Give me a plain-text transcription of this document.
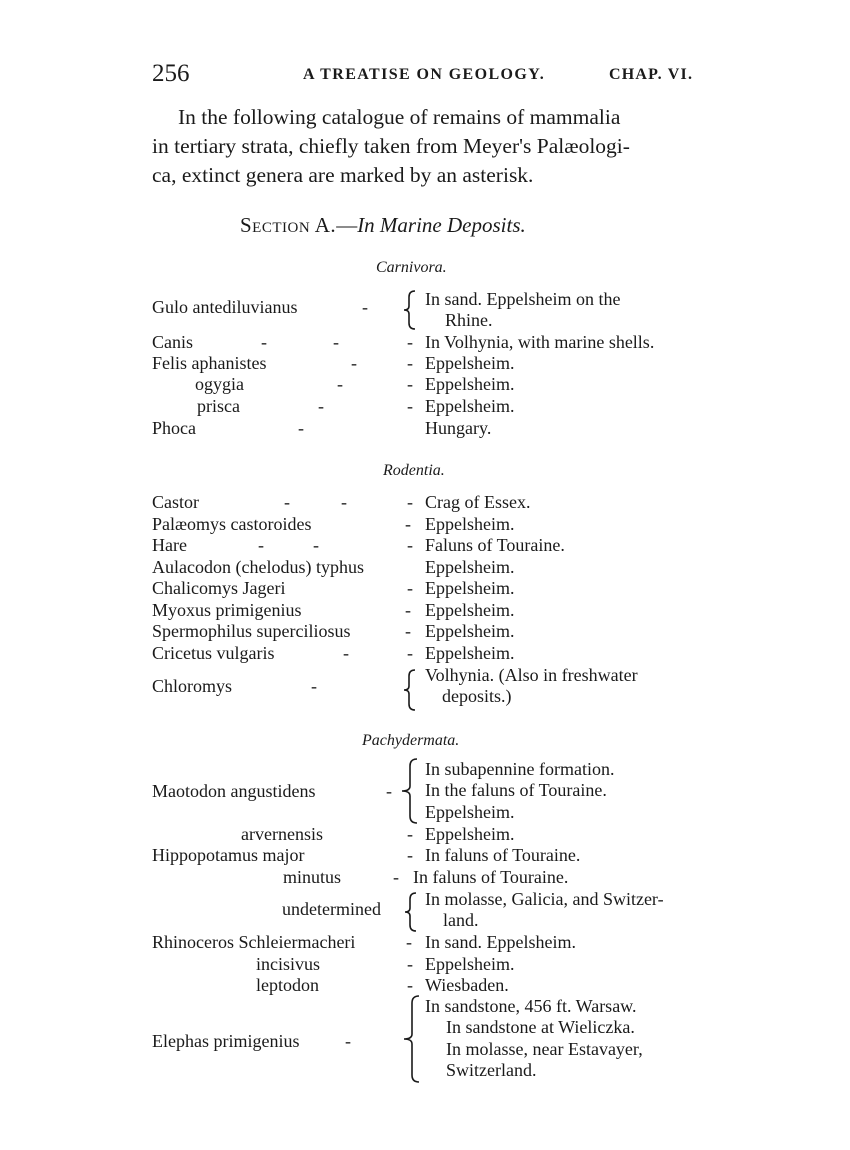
256	A TREATISE ON GEOLOGY.	CHAP. VI.
In the following catalogue of remains of mammalia
in tertiary strata, chiefly taken from Meyer's Palæologi-
ca, extinct genera are marked by an asterisk.
Section A.—In Marine Deposits.
Carnivora.
Gulo antediluvianus	-	In sand. Eppelsheim on the
Rhine.
Canis	-	-	- In Volhynia, with marine shells.
Felis aphanistes	-	- Eppelsheim.
ogygia	-	- Eppelsheim.
prisca	-	- Eppelsheim.
Phoca	-	Hungary.
Rodentia.
Castor	-	-	- Crag of Essex.
Palæomys castoroides	- Eppelsheim.
Hare	-	-	- Faluns of Touraine.
Aulacodon (chelodus) typhus	Eppelsheim.
Chalicomys Jageri	- Eppelsheim.
Myoxus primigenius	- Eppelsheim.
Spermophilus superciliosus	- Eppelsheim.
Cricetus vulgaris	-	- Eppelsheim.
Chloromys	-
Volhynia. (Also in freshwater
deposits.)
Pachydermata.
Maotodon angustidens	-
In subapennine formation.
In the faluns of Touraine.
Eppelsheim.
arvernensis	- Eppelsheim.
Hippopotamus major	- In faluns of Touraine.
minutus	- In faluns of Touraine.
undetermined In molasse, Galicia, and Switzer-
land.
Rhinoceros Schleiermacheri	- In sand. Eppelsheim.
incisivus	- Eppelsheim.
leptodon	- Wiesbaden.
Elephas primigenius	-
In sandstone, 456 ft. Warsaw.
In sandstone at Wieliczka.
In molasse, near Estavayer,
Switzerland.
